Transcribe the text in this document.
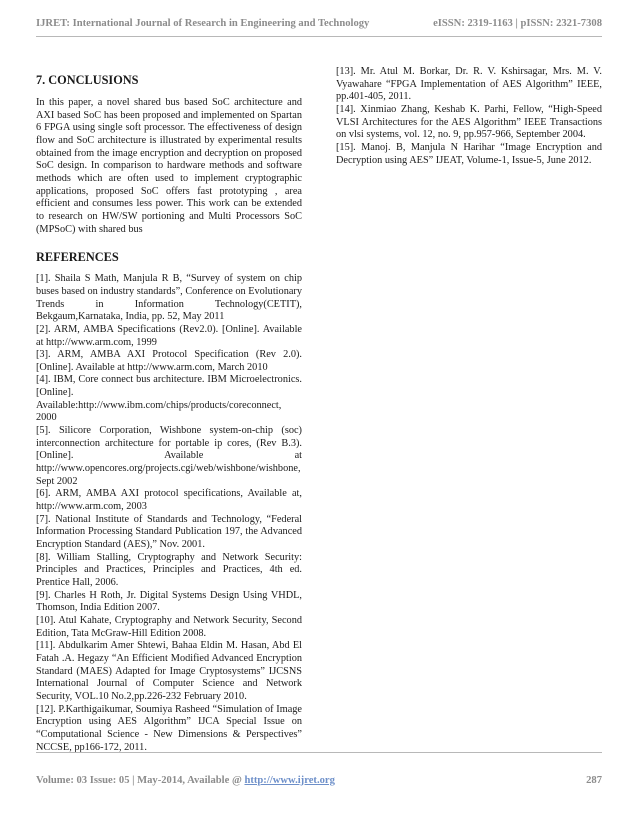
IJRET: International Journal of Research in Engineering and Technology	eISSN: 2319-1163 | pISSN: 2321-7308
7. CONCLUSIONS

In this paper, a novel shared bus based SoC architecture and AXI based SoC has been proposed and implemented on Spartan 6 FPGA using single soft processor. The effectiveness of design flow and SoC architecture is illustrated by experimental results obtained from the image encryption and decryption on proposed SoC design. In comparison to hardware methods and software methods which are often used to implement cryptographic applications, proposed SoC offers fast prototyping , area efficient and consumes less power. This work can be extended to research on HW/SW portioning and Multi Processors SoC (MPSoC) with shared bus

REFERENCES

[1]. Shaila S Math, Manjula R B, “Survey of system on chip buses based on industry standards”, Conference on Evolutionary Trends in Information Technology(CETIT), Bekgaum,Karnataka, India, pp. 52, May 2011

[2]. ARM, AMBA Specifications (Rev2.0). [Online]. Available at http://www.arm.com, 1999

[3]. ARM, AMBA AXI Protocol Specification (Rev 2.0). [Online]. Available at http://www.arm.com, March 2010

[4]. IBM, Core connect bus architecture. IBM Microelectronics. [Online]. Available:http://www.ibm.com/chips/products/coreconnect, 2000

[5]. Silicore Corporation, Wishbone system-on-chip (soc) interconnection architecture for portable ip cores, (Rev B.3). [Online]. Available at http://www.opencores.org/projects.cgi/web/wishbone/wishbone, Sept 2002

[6]. ARM, AMBA AXI protocol specifications, Available at, http://www.arm.com, 2003

[7]. National Institute of Standards and Technology, “Federal Information Processing Standard Publication 197, the Advanced Encryption Standard (AES),” Nov. 2001.

[8]. William Stalling, Cryptography and Network Security: Principles and Practices, Principles and Practices, 4th ed. Prentice Hall, 2006.

[9]. Charles H Roth, Jr. Digital Systems Design Using VHDL, Thomson, India Edition 2007.

[10]. Atul Kahate, Cryptography and Network Security, Second Edition, Tata McGraw-Hill Edition 2008.

[11]. Abdulkarim Amer Shtewi, Bahaa Eldin M. Hasan, Abd El Fatah .A. Hegazy “An Efficient Modified Advanced Encryption Standard (MAES) Adapted for Image Cryptosystems” IJCSNS International Journal of Computer Science and Network Security, VOL.10 No.2,pp.226-232 February 2010.

[12]. P.Karthigaikumar, Soumiya Rasheed “Simulation of Image Encryption using AES Algorithm” IJCA Special Issue on “Computational Science - New Dimensions & Perspectives” NCCSE, pp166-172, 2011.

[13]. Mr. Atul M. Borkar, Dr. R. V. Kshirsagar, Mrs. M. V. Vyawahare “FPGA Implementation of AES Algorithm” IEEE, pp.401-405, 2011.

[14]. Xinmiao Zhang, Keshab K. Parhi, Fellow, “High-Speed VLSI Architectures for the AES Algorithm” IEEE Transactions on vlsi systems, vol. 12, no. 9, pp.957-966, September 2004.

[15]. Manoj. B, Manjula N Harihar “Image Encryption and Decryption using AES” IJEAT, Volume-1, Issue-5, June 2012.

Volume: 03 Issue: 05 | May-2014, Available @ http://www.ijret.org	287
